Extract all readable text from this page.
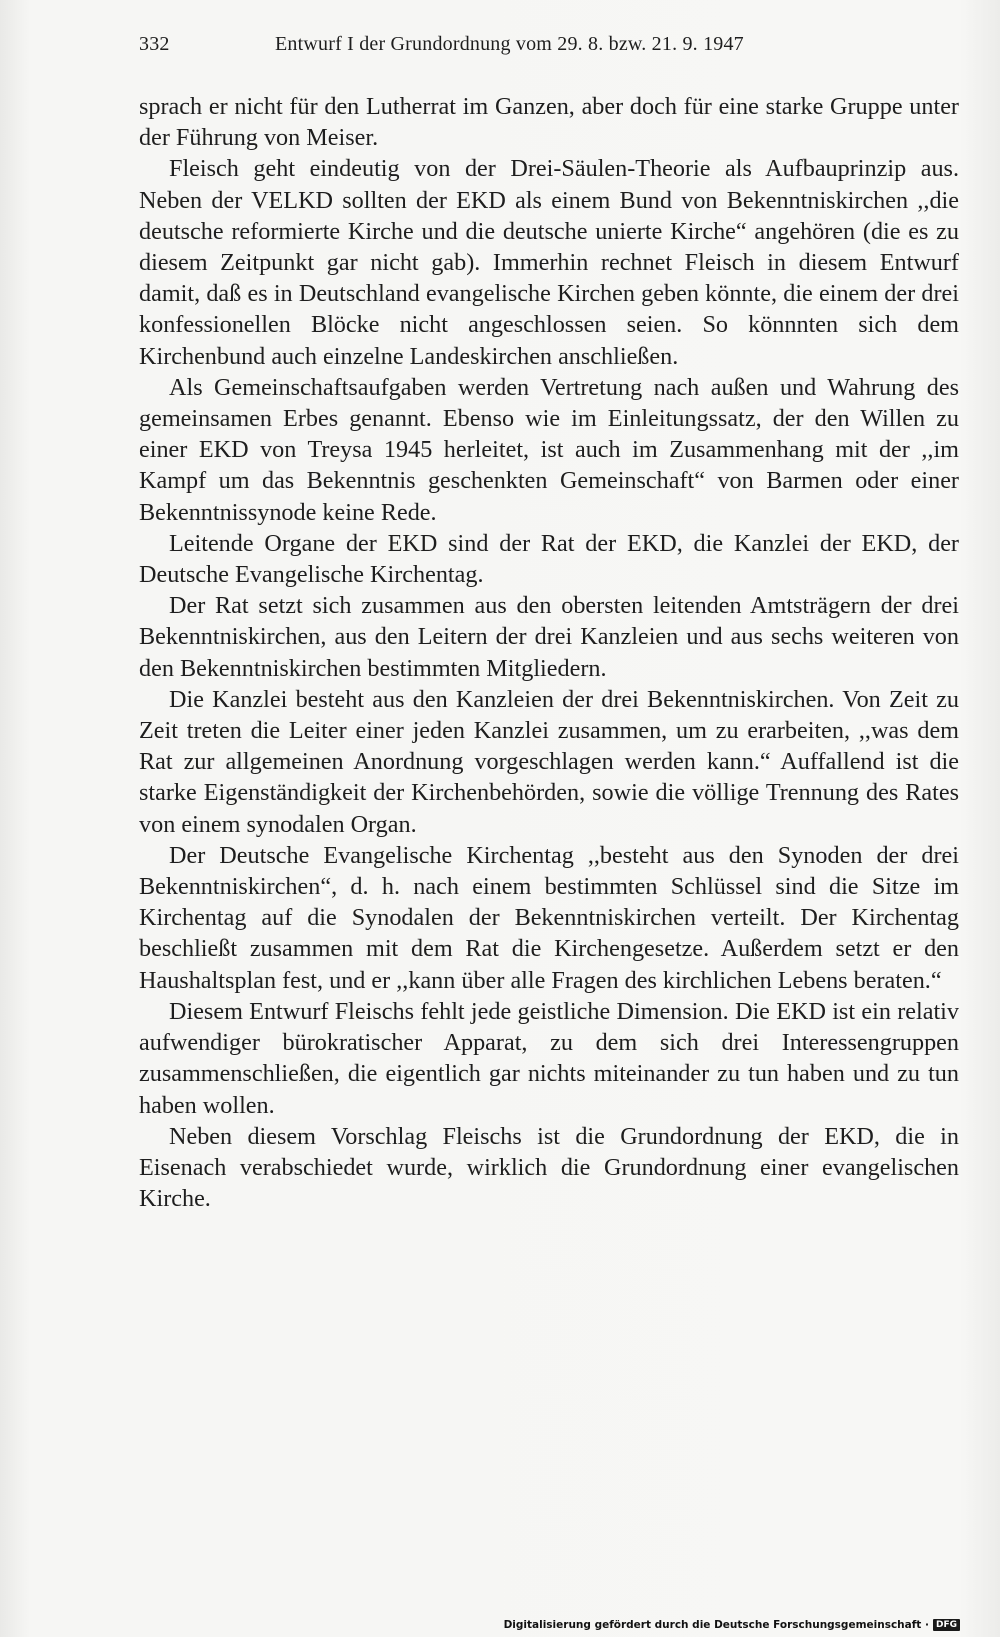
332	Entwurf I der Grundordnung vom 29. 8. bzw. 21. 9. 1947

sprach er nicht für den Lutherrat im Ganzen, aber doch für eine starke Gruppe unter der Führung von Meiser.

Fleisch geht eindeutig von der Drei-Säulen-Theorie als Aufbauprinzip aus. Neben der VELKD sollten der EKD als einem Bund von Bekenntniskirchen ,,die deutsche reformierte Kirche und die deutsche unierte Kirche“ angehören (die es zu diesem Zeitpunkt gar nicht gab). Immerhin rechnet Fleisch in diesem Entwurf damit, daß es in Deutschland evangelische Kirchen geben könnte, die einem der drei konfessionellen Blöcke nicht angeschlossen seien. So könnnten sich dem Kirchenbund auch einzelne Landeskirchen anschließen.

Als Gemeinschaftsaufgaben werden Vertretung nach außen und Wahrung des gemeinsamen Erbes genannt. Ebenso wie im Einleitungssatz, der den Willen zu einer EKD von Treysa 1945 herleitet, ist auch im Zusammenhang mit der ,,im Kampf um das Bekenntnis geschenkten Gemeinschaft“ von Barmen oder einer Bekenntnissynode keine Rede.

Leitende Organe der EKD sind der Rat der EKD, die Kanzlei der EKD, der Deutsche Evangelische Kirchentag.

Der Rat setzt sich zusammen aus den obersten leitenden Amtsträgern der drei Bekenntniskirchen, aus den Leitern der drei Kanzleien und aus sechs weiteren von den Bekenntniskirchen bestimmten Mitgliedern.

Die Kanzlei besteht aus den Kanzleien der drei Bekenntniskirchen. Von Zeit zu Zeit treten die Leiter einer jeden Kanzlei zusammen, um zu erarbeiten, ,,was dem Rat zur allgemeinen Anordnung vorgeschlagen werden kann.“ Auffallend ist die starke Eigenständigkeit der Kirchenbehörden, sowie die völlige Trennung des Rates von einem synodalen Organ.

Der Deutsche Evangelische Kirchentag ,,besteht aus den Synoden der drei Bekenntniskirchen“, d. h. nach einem bestimmten Schlüssel sind die Sitze im Kirchentag auf die Synodalen der Bekenntniskirchen verteilt. Der Kirchentag beschließt zusammen mit dem Rat die Kirchengesetze. Außerdem setzt er den Haushaltsplan fest, und er ,,kann über alle Fragen des kirchlichen Lebens beraten.“

Diesem Entwurf Fleischs fehlt jede geistliche Dimension. Die EKD ist ein relativ aufwendiger bürokratischer Apparat, zu dem sich drei Interessengruppen zusammenschließen, die eigentlich gar nichts miteinander zu tun haben und zu tun haben wollen.

Neben diesem Vorschlag Fleischs ist die Grundordnung der EKD, die in Eisenach verabschiedet wurde, wirklich die Grundordnung einer evangelischen Kirche.

Digitalisierung gefördert durch die Deutsche Forschungsgemeinschaft · DFG
